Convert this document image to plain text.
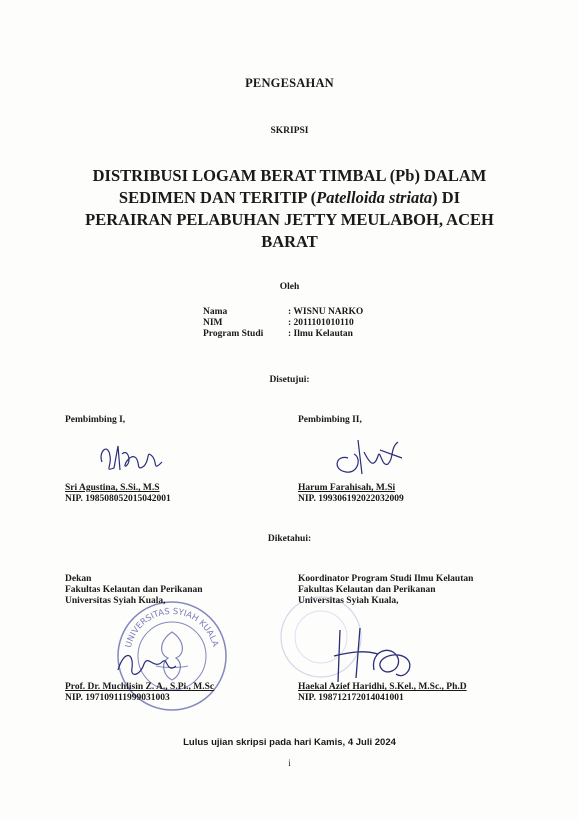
PENGESAHAN
SKRIPSI
DISTRIBUSI LOGAM BERAT TIMBAL (Pb) DALAM
SEDIMEN DAN TERITIP (Patelloida striata) DI
PERAIRAN PELABUHAN JETTY MEULABOH, ACEH
BARAT
Oleh
Nama	: WISNU NARKO
NIM	: 2011101010110
Program Studi	: Ilmu Kelautan
Disetujui:
Pembimbing I,
Sri Agustina, S.Si., M.S
NIP. 198508052015042001
Pembimbing II,
Harum Farahisah, M.Si
NIP. 199306192022032009
Diketahui:
UNIVERSITAS SYIAH KUALA
Dekan
Fakultas Kelautan dan Perikanan
Universitas Syiah Kuala,
Prof. Dr. Muchlisin Z. A., S.Pi., M.Sc
NIP. 197109111999031003
Koordinator Program Studi Ilmu Kelautan
Fakultas Kelautan dan Perikanan
Universitas Syiah Kuala,
Haekal Azief Haridhi, S.Kel., M.Sc., Ph.D
NIP. 198712172014041001
Lulus ujian skripsi pada hari Kamis, 4 Juli 2024
i
